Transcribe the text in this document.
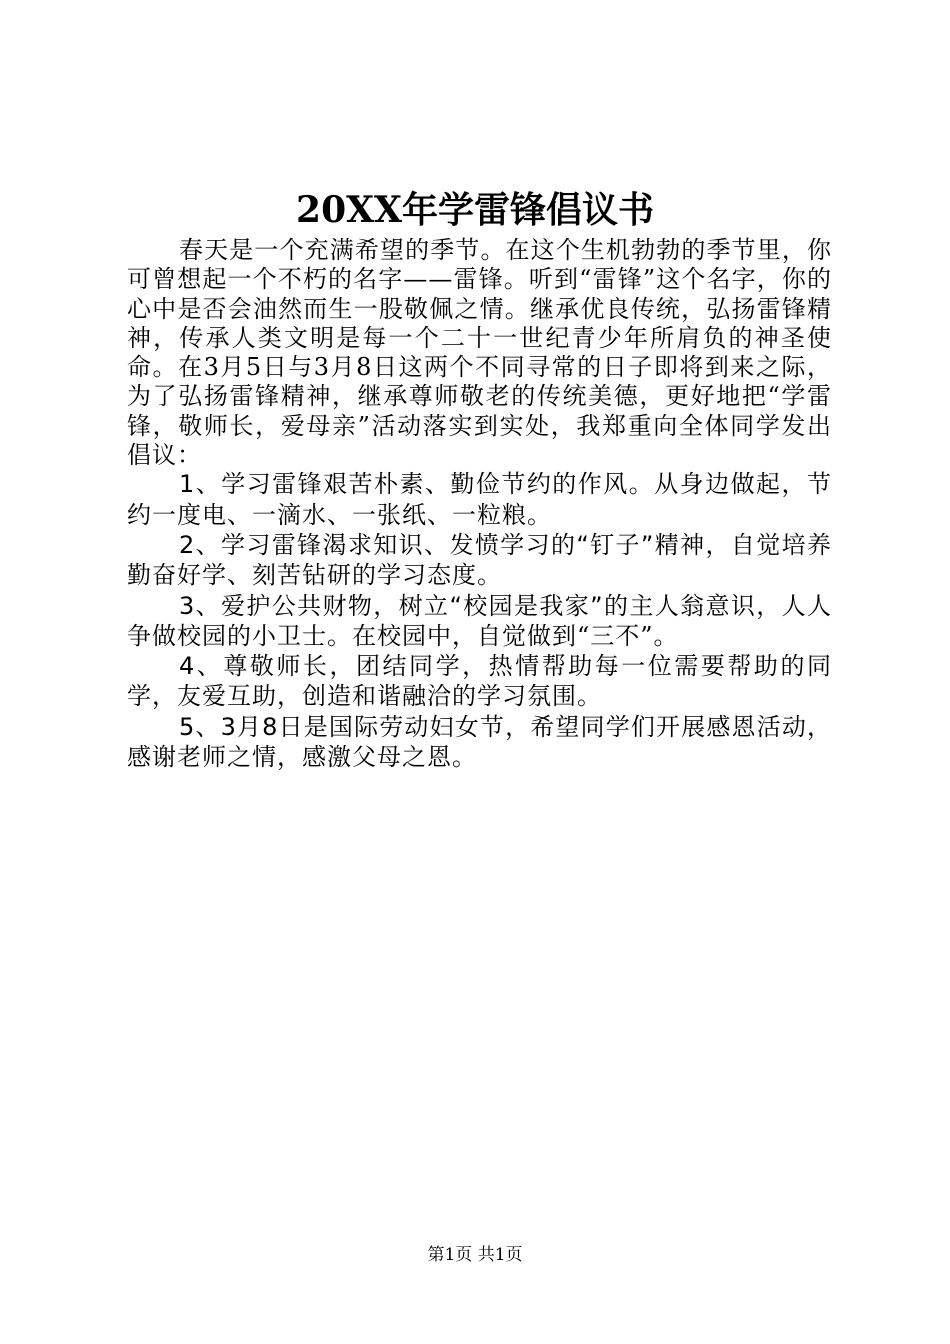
20XX年学雷锋倡议书

春天是一个充满希望的季节。在这个生机勃勃的季节里，你可曾想起一个不朽的名字——雷锋。听到“雷锋”这个名字，你的心中是否会油然而生一股敬佩之情。继承优良传统，弘扬雷锋精神，传承人类文明是每一个二十一世纪青少年所肩负的神圣使命。在3月5日与3月8日这两个不同寻常的日子即将到来之际，为了弘扬雷锋精神，继承尊师敬老的传统美德，更好地把“学雷锋，敬师长，爱母亲”活动落实到实处，我郑重向全体同学发出倡议：

1、学习雷锋艰苦朴素、勤俭节约的作风。从身边做起，节约一度电、一滴水、一张纸、一粒粮。

2、学习雷锋渴求知识、发愤学习的“钉子”精神，自觉培养勤奋好学、刻苦钻研的学习态度。

3、爱护公共财物，树立“校园是我家”的主人翁意识，人人争做校园的小卫士。在校园中，自觉做到“三不”。

4、尊敬师长，团结同学，热情帮助每一位需要帮助的同学，友爱互助，创造和谐融洽的学习氛围。

5、3月8日是国际劳动妇女节，希望同学们开展感恩活动，感谢老师之情，感激父母之恩。

第1页 共1页
